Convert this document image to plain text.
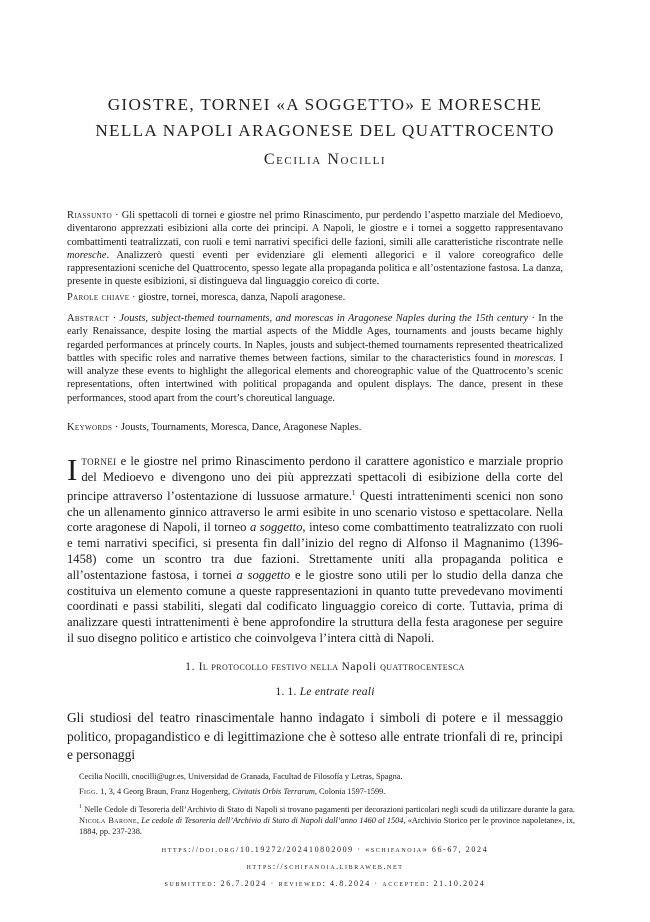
GIOSTRE, TORNEI «A SOGGETTO» E MORESCHE
NELLA NAPOLI ARAGONESE DEL QUATTROCENTO
Cecilia Nocilli
Riassunto · Gli spettacoli di tornei e giostre nel primo Rinascimento, pur perdendo l’aspetto marziale del Medioevo, diventarono apprezzati esibizioni alla corte dei principi. A Napoli, le giostre e i tornei a soggetto rappresentavano combattimenti teatralizzati, con ruoli e temi narrativi specifici delle fazioni, simili alle caratteristiche riscontrate nelle moresche. Analizzerò questi eventi per evidenziare gli elementi allegorici e il valore coreografico delle rappresentazioni sceniche del Quattrocento, spesso legate alla propaganda politica e all’ostentazione fastosa. La danza, presente in queste esibizioni, si distingueva dal linguaggio coreico di corte.
Parole chiave · giostre, tornei, moresca, danza, Napoli aragonese.
Abstract · Jousts, subject-themed tournaments, and morescas in Aragonese Naples during the 15th century · In the early Renaissance, despite losing the martial aspects of the Middle Ages, tournaments and jousts became highly regarded performances at princely courts. In Naples, jousts and subject-themed tournaments represented theatricalized battles with specific roles and narrative themes between factions, similar to the characteristics found in morescas. I will analyze these events to highlight the allegorical elements and choreographic value of the Quattrocento’s scenic representations, often intertwined with political propaganda and opulent displays. The dance, present in these performances, stood apart from the court’s choreutical language.
Keywords · Jousts, Tournaments, Moresca, Dance, Aragonese Naples.
Itornei e le giostre nel primo Rinascimento perdono il carattere agonistico e marziale proprio del Medioevo e divengono uno dei più apprezzati spettacoli di esibizione della corte del principe attraverso l’ostentazione di lussuose armature.$^1$ Questi intrattenimenti scenici non sono che un allenamento ginnico attraverso le armi esibite in uno scenario vistoso e spettacolare. Nella corte aragonese di Napoli, il torneo a soggetto, inteso come combattimento teatralizzato con ruoli e temi narrativi specifici, si presenta fin dall’inizio del regno di Alfonso il Magnanimo (1396-1458) come un scontro tra due fazioni. Strettamente uniti alla propaganda politica e all’ostentazione fastosa, i tornei a soggetto e le giostre sono utili per lo studio della danza che costituiva un elemento comune a queste rappresentazioni in quanto tutte prevedevano movimenti coordinati e passi stabiliti, slegati dal codificato linguaggio coreico di corte. Tuttavia, prima di analizzare questi intrattenimenti è bene approfondire la struttura della festa aragonese per seguire il suo disegno politico e artistico che coinvolgeva l’intera città di Napoli.
1. Il protocollo festivo nella Napoli quattrocentesca
1. 1. Le entrate reali
Gli studiosi del teatro rinascimentale hanno indagato i simboli di potere e il messaggio politico, propagandistico e di legittimazione che è sotteso alle entrate trionfali di re, principi e personaggi
Cecilia Nocilli, cnocilli@ugr.es, Universidad de Granada, Facultad de Filosofía y Letras, Spagna.
Figg. 1, 3, 4 Georg Braun, Franz Hogenberg, Civitatis Orbis Terrarum, Colonia 1597-1599.
$^1$ Nelle Cedole di Tesoreria dell’Archivio di Stato di Napoli si trovano pagamenti per decorazioni particolari negli scudi da utilizzare durante la gara. Nicola Barone, Le cedole di Tesoreria dell’Archivio di Stato di Napoli dall’anno 1460 al 1504, «Archivio Storico per le province napoletane», ix, 1884, pp. 237-238.
https://doi.org/10.19272/202410802009 · «schifanoia» 66-67, 2024
https://schifanoia.libraweb.net
submitted: 26.7.2024 · reviewed: 4.8.2024 · accepted: 21.10.2024
